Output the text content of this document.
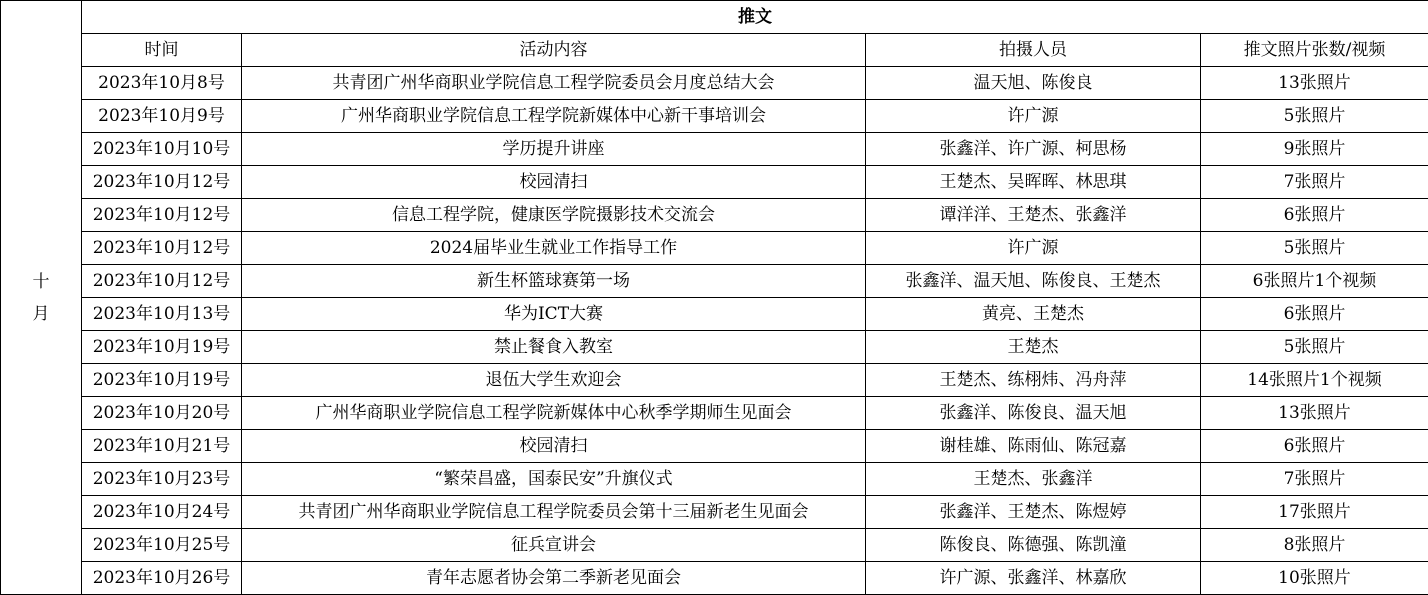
十
月	推文			
	时间	活动内容	拍摄人员	推文照片张数/视频
	2023年10月8号	共青团广州华商职业学院信息工程学院委员会月度总结大会	温天旭、陈俊良	13张照片
	2023年10月9号	广州华商职业学院信息工程学院新媒体中心新干事培训会	许广源	5张照片
	2023年10月10号	学历提升讲座	张鑫洋、许广源、柯思杨	9张照片
	2023年10月12号	校园清扫	王楚杰、吴晖晖、林思琪	7张照片
	2023年10月12号	信息工程学院，健康医学院摄影技术交流会	谭洋洋、王楚杰、张鑫洋	6张照片
	2023年10月12号	2024届毕业生就业工作指导工作	许广源	5张照片
	2023年10月12号	新生杯篮球赛第一场	张鑫洋、温天旭、陈俊良、王楚杰	6张照片1个视频
	2023年10月13号	华为ICT大赛	黄亮、王楚杰	6张照片
	2023年10月19号	禁止餐食入教室	王楚杰	5张照片
	2023年10月19号	退伍大学生欢迎会	王楚杰、练栩炜、冯舟萍	14张照片1个视频
	2023年10月20号	广州华商职业学院信息工程学院新媒体中心秋季学期师生见面会	张鑫洋、陈俊良、温天旭	13张照片
	2023年10月21号	校园清扫	谢桂雄、陈雨仙、陈冠嘉	6张照片
	2023年10月23号	“繁荣昌盛，国泰民安”升旗仪式	王楚杰、张鑫洋	7张照片
	2023年10月24号	共青团广州华商职业学院信息工程学院委员会第十三届新老生见面会	张鑫洋、王楚杰、陈煜婷	17张照片
	2023年10月25号	征兵宣讲会	陈俊良、陈德强、陈凯潼	8张照片
	2023年10月26号	青年志愿者协会第二季新老见面会	许广源、张鑫洋、林嘉欣	10张照片
